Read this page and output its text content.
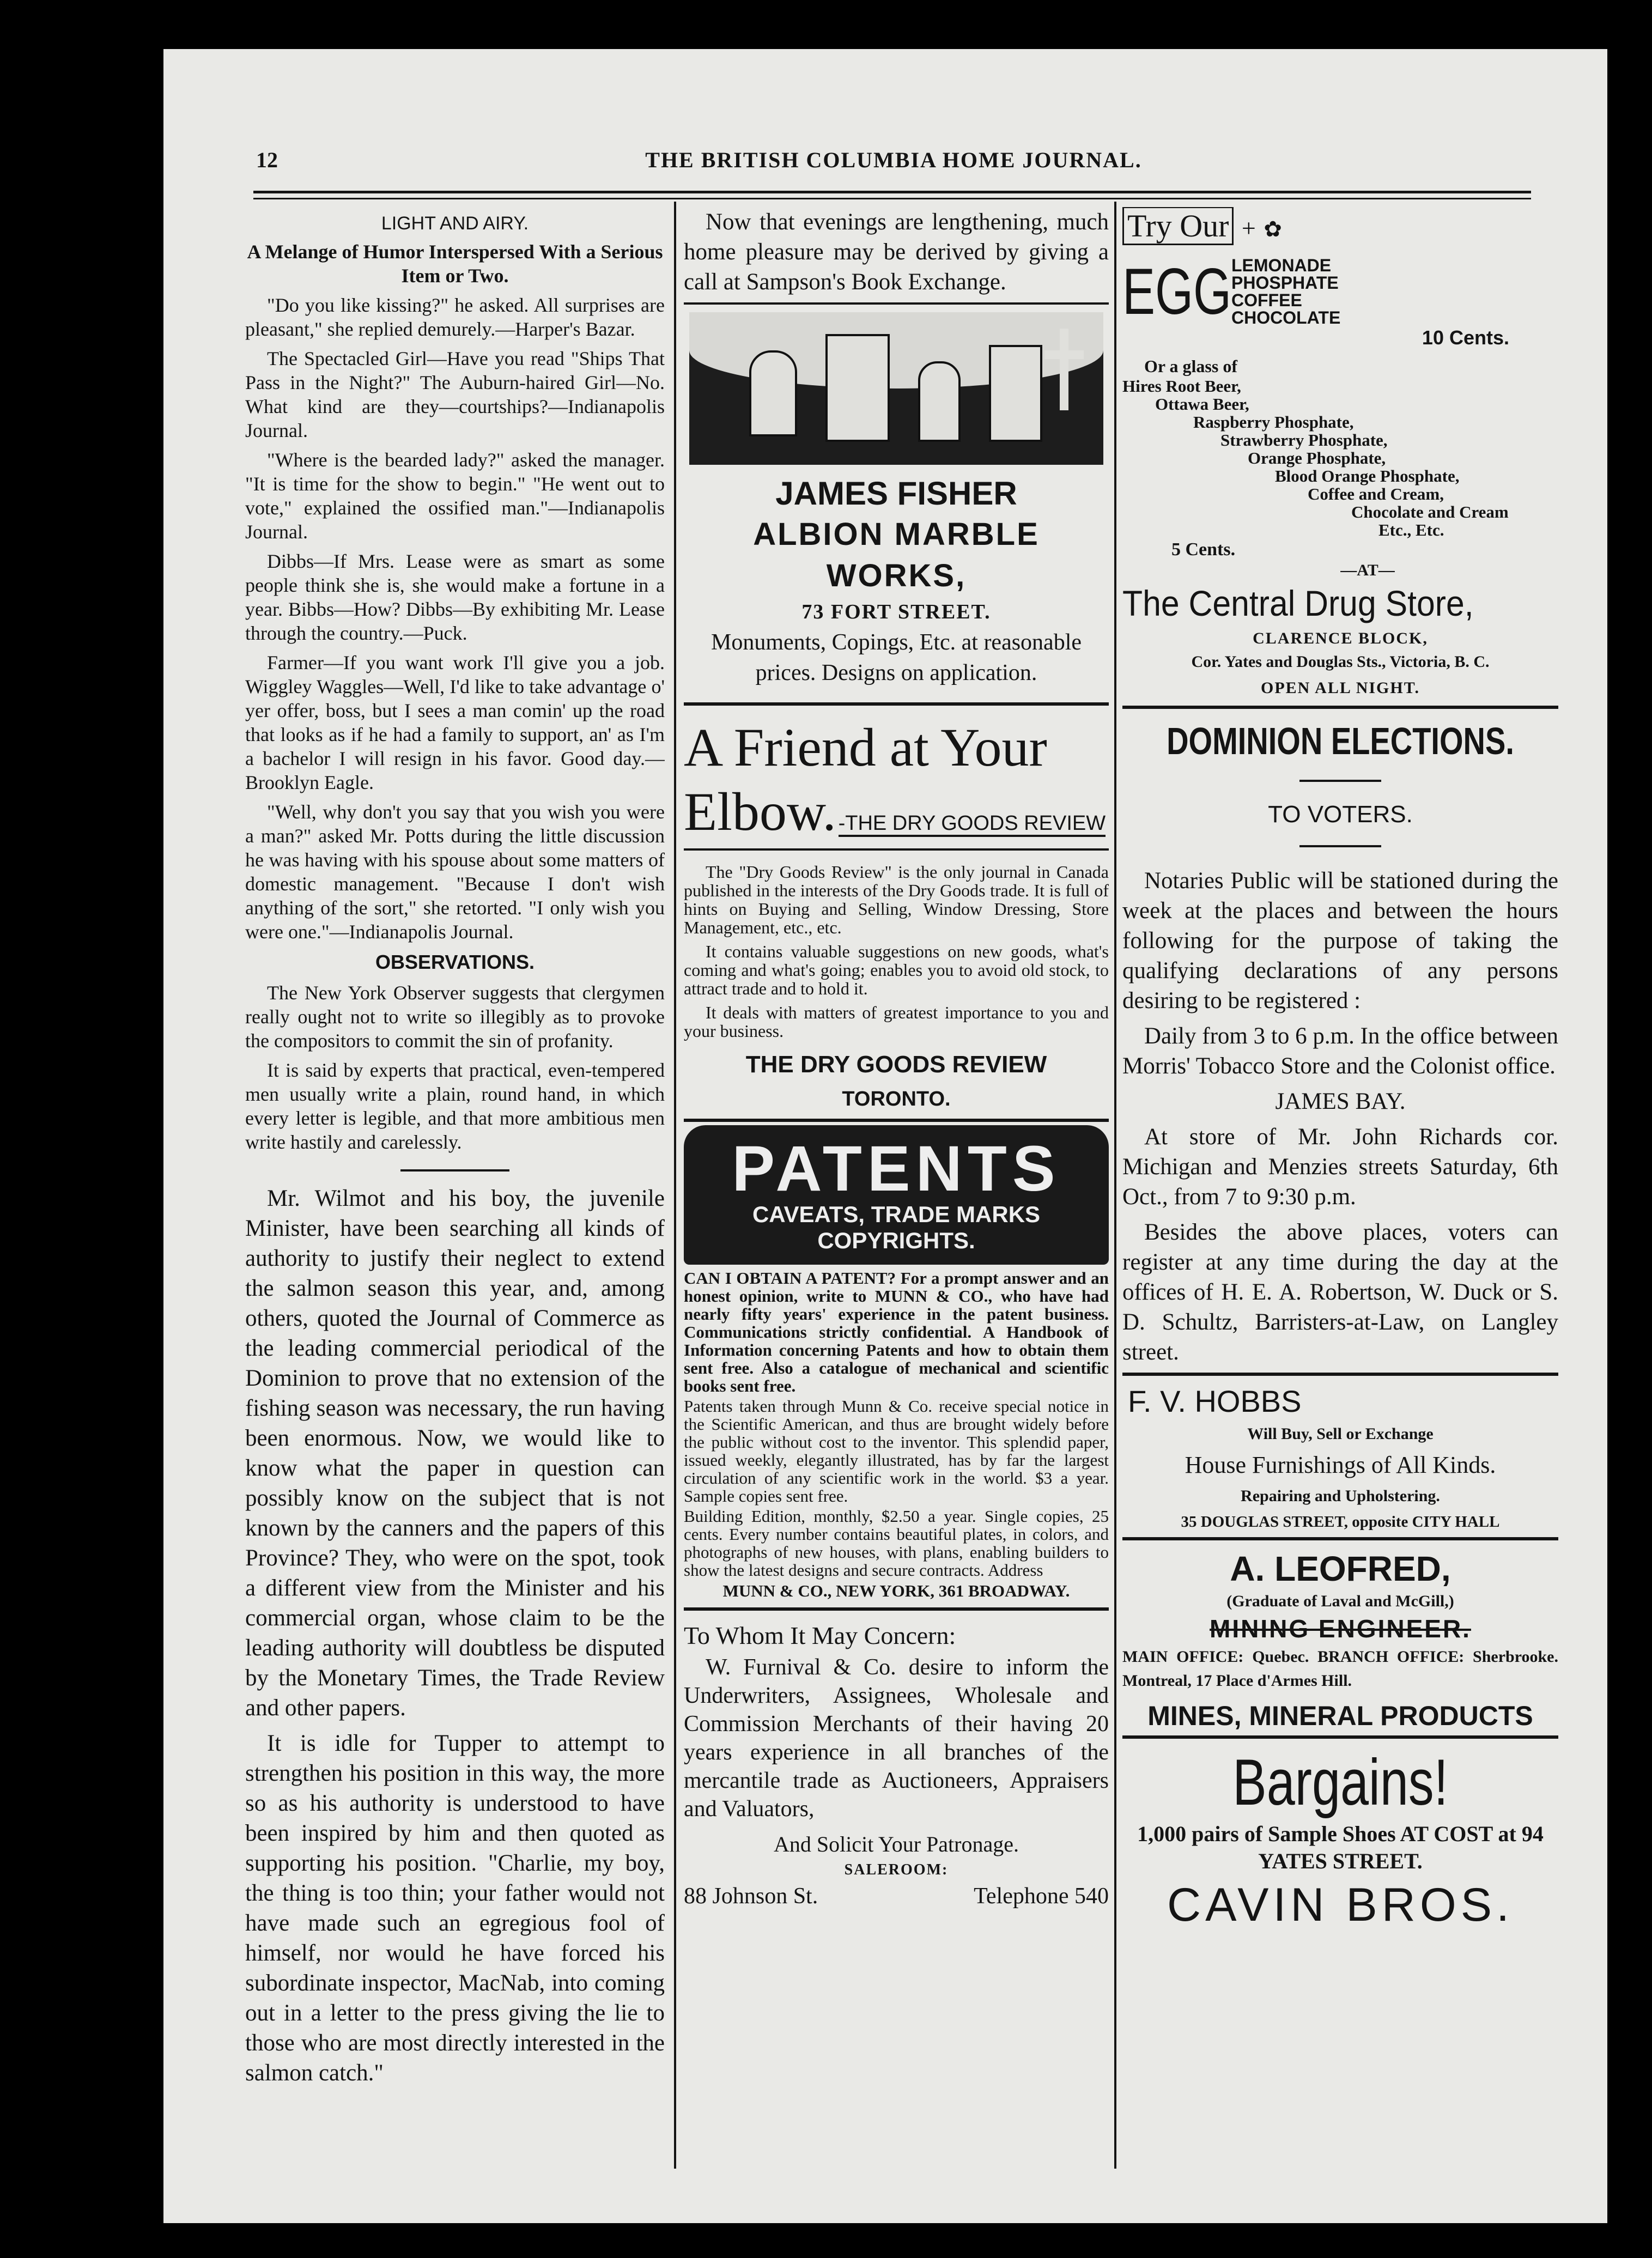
12	THE BRITISH COLUMBIA HOME JOURNAL.
LIGHT AND AIRY.

A Melange of Humor Interspersed With a Serious Item or Two.

"Do you like kissing?" he asked. All surprises are pleasant," she replied demurely.—Harper's Bazar.

The Spectacled Girl—Have you read "Ships That Pass in the Night?" The Auburn-haired Girl—No. What kind are they—courtships?—Indianapolis Journal.

"Where is the bearded lady?" asked the manager. "It is time for the show to begin." "He went out to vote," explained the ossified man."—Indianapolis Journal.

Dibbs—If Mrs. Lease were as smart as some people think she is, she would make a fortune in a year. Bibbs—How? Dibbs—By exhibiting Mr. Lease through the country.—Puck.

Farmer—If you want work I'll give you a job. Wiggley Waggles—Well, I'd like to take advantage o' yer offer, boss, but I sees a man comin' up the road that looks as if he had a family to support, an' as I'm a bachelor I will resign in his favor. Good day.—Brooklyn Eagle.

"Well, why don't you say that you wish you were a man?" asked Mr. Potts during the little discussion he was having with his spouse about some matters of domestic management. "Because I don't wish anything of the sort," she retorted. "I only wish you were one."—Indianapolis Journal.

OBSERVATIONS.

The New York Observer suggests that clergymen really ought not to write so illegibly as to provoke the compositors to commit the sin of profanity.

It is said by experts that practical, even-tempered men usually write a plain, round hand, in which every letter is legible, and that more ambitious men write hastily and carelessly.

Mr. Wilmot and his boy, the juvenile Minister, have been searching all kinds of authority to justify their neglect to extend the salmon season this year, and, among others, quoted the Journal of Commerce as the leading commercial periodical of the Dominion to prove that no extension of the fishing season was necessary, the run having been enormous. Now, we would like to know what the paper in question can possibly know on the subject that is not known by the canners and the papers of this Province? They, who were on the spot, took a different view from the Minister and his commercial organ, whose claim to be the leading authority will doubtless be disputed by the Monetary Times, the Trade Review and other papers.

It is idle for Tupper to attempt to strengthen his position in this way, the more so as his authority is understood to have been inspired by him and then quoted as supporting his position. "Charlie, my boy, the thing is too thin; your father would not have made such an egregious fool of himself, nor would he have forced his subordinate inspector, MacNab, into coming out in a letter to the press giving the lie to those who are most directly interested in the salmon catch."

Now that evenings are lengthening, much home pleasure may be derived by giving a call at Sampson's Book Exchange.

JAMES FISHER
ALBION MARBLE WORKS,
73 FORT STREET.
Monuments, Copings, Etc. at reasonable
prices. Designs on application.
A Friend at Your
Elbow. -THE DRY GOODS REVIEW

The "Dry Goods Review" is the only journal in Canada published in the interests of the Dry Goods trade. It is full of hints on Buying and Selling, Window Dressing, Store Management, etc., etc.

It contains valuable suggestions on new goods, what's coming and what's going; enables you to avoid old stock, to attract trade and to hold it.

It deals with matters of greatest importance to you and your business.

THE DRY GOODS REVIEW
TORONTO.
PATENTS
CAVEATS, TRADE MARKS
COPYRIGHTS.

CAN I OBTAIN A PATENT? For a prompt answer and an honest opinion, write to MUNN & CO., who have had nearly fifty years' experience in the patent business. Communications strictly confidential. A Handbook of Information concerning Patents and how to obtain them sent free. Also a catalogue of mechanical and scientific books sent free.

Patents taken through Munn & Co. receive special notice in the Scientific American, and thus are brought widely before the public without cost to the inventor. This splendid paper, issued weekly, elegantly illustrated, has by far the largest circulation of any scientific work in the world. $3 a year. Sample copies sent free.

Building Edition, monthly, $2.50 a year. Single copies, 25 cents. Every number contains beautiful plates, in colors, and photographs of new houses, with plans, enabling builders to show the latest designs and secure contracts. Address

MUNN & CO., NEW YORK, 361 BROADWAY.
To Whom It May Concern:

W. Furnival & Co. desire to inform the Underwriters, Assignees, Wholesale and Commission Merchants of their having 20 years experience in all branches of the mercantile trade as Auctioneers, Appraisers and Valuators,

And Solicit Your Patronage.
SALEROOM:
88 Johnson St.	Telephone 540
Try Our + ✿
EGG LEMONADE
PHOSPHATE
COFFEE
CHOCOLATE
10 Cents.
Or a glass of
Hires Root Beer,
Ottawa Beer,
Raspberry Phosphate,
Strawberry Phosphate,
Orange Phosphate,
Blood Orange Phosphate,
Coffee and Cream,
Chocolate and Cream
Etc., Etc.
5 Cents.
—AT—
The Central Drug Store,
CLARENCE BLOCK,
Cor. Yates and Douglas Sts., Victoria, B. C.
OPEN ALL NIGHT.
DOMINION ELECTIONS.
TO VOTERS.

Notaries Public will be stationed during the week at the places and between the hours following for the purpose of taking the qualifying declarations of any persons desiring to be registered :

Daily from 3 to 6 p.m. In the office between Morris' Tobacco Store and the Colonist office.

JAMES BAY.

At store of Mr. John Richards cor. Michigan and Menzies streets Saturday, 6th Oct., from 7 to 9:30 p.m.

Besides the above places, voters can register at any time during the day at the offices of H. E. A. Robertson, W. Duck or S. D. Schultz, Barristers-at-Law, on Langley street.

F. V. HOBBS
Will Buy, Sell or Exchange
House Furnishings of All Kinds.
Repairing and Upholstering.
35 DOUGLAS STREET, opposite CITY HALL
A. LEOFRED,
(Graduate of Laval and McGill,)
MINING ENGINEER.

MAIN OFFICE: Quebec. BRANCH OFFICE: Sherbrooke. Montreal, 17 Place d'Armes Hill.

MINES, MINERAL PRODUCTS
Bargains!
1,000 pairs of Sample Shoes AT COST at 94 YATES STREET.
CAVIN BROS.
